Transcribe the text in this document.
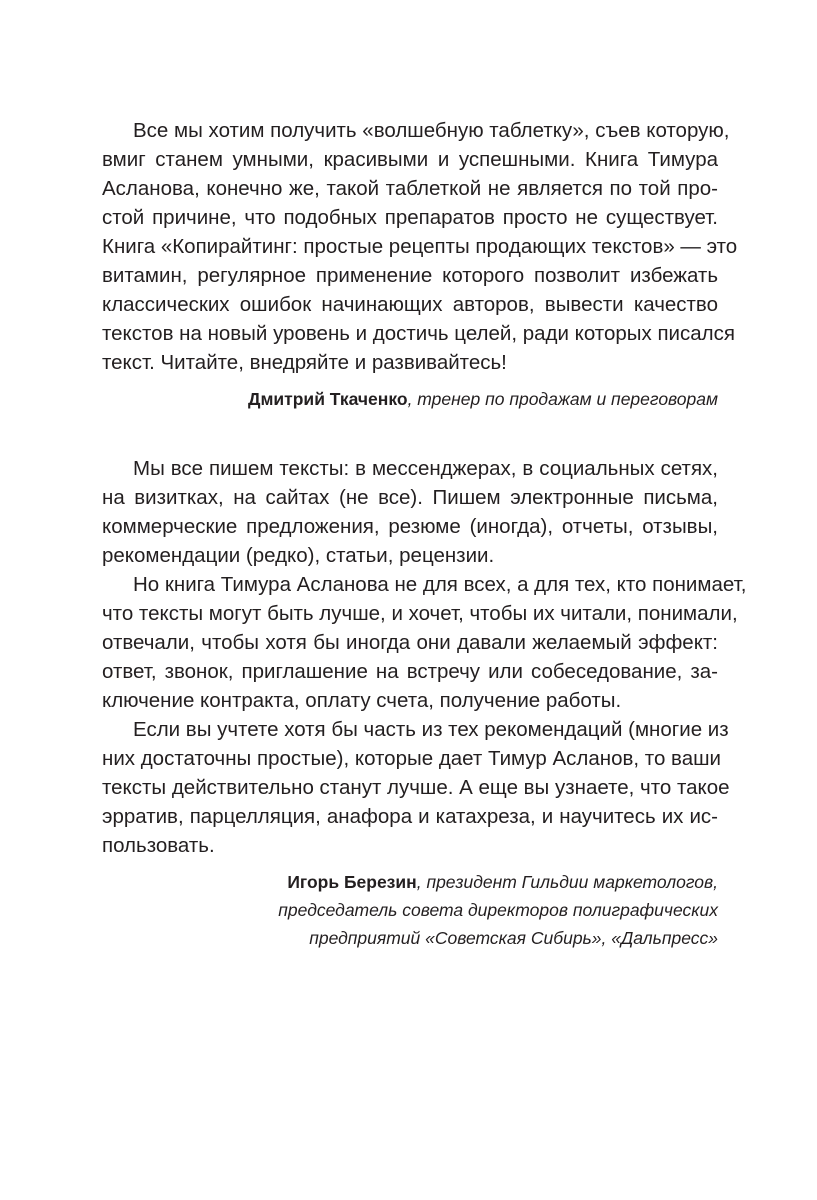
Все мы хотим получить «волшебную таблетку», съев которую,
вмиг станем умными, красивыми и успешными. Книга Тимура
Асланова, конечно же, такой таблеткой не является по той про-
стой причине, что подобных препаратов просто не существует.
Книга «Копирайтинг: простые рецепты продающих текстов» — это
витамин, регулярное применение которого позволит избежать
классических ошибок начинающих авторов, вывести качество
текстов на новый уровень и достичь целей, ради которых писался
текст. Читайте, внедряйте и развивайтесь!
Дмитрий Ткаченко, тренер по продажам и переговорам
Мы все пишем тексты: в мессенджерах, в социальных сетях,
на визитках, на сайтах (не все). Пишем электронные письма,
коммерческие предложения, резюме (иногда), отчеты, отзывы,
рекомендации (редко), статьи, рецензии.
Но книга Тимура Асланова не для всех, а для тех, кто понимает,
что тексты могут быть лучше, и хочет, чтобы их читали, понимали,
отвечали, чтобы хотя бы иногда они давали желаемый эффект:
ответ, звонок, приглашение на встречу или собеседование, за-
ключение контракта, оплату счета, получение работы.
Если вы учтете хотя бы часть из тех рекомендаций (многие из
них достаточны простые), которые дает Тимур Асланов, то ваши
тексты действительно станут лучше. А еще вы узнаете, что такое
эрратив, парцелляция, анафора и катахреза, и научитесь их ис-
пользовать.
Игорь Березин, президент Гильдии маркетологов,
председатель совета директоров полиграфических
предприятий «Советская Сибирь», «Дальпресс»
